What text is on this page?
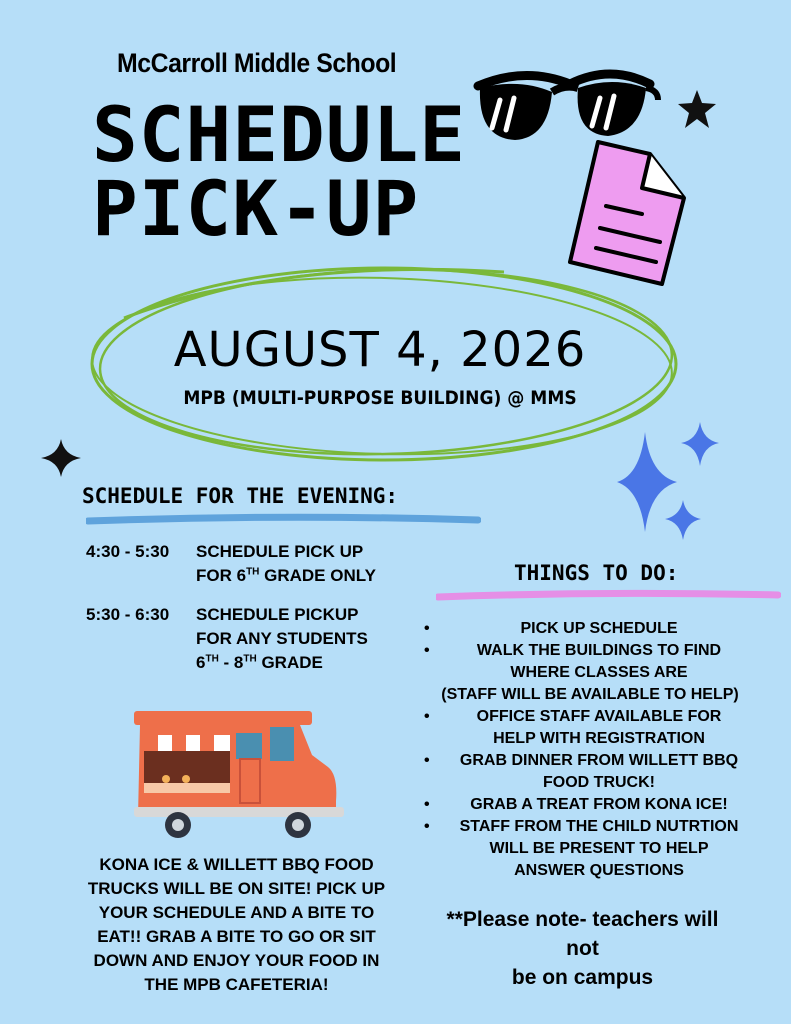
McCarroll Middle School
SCHEDULE
PICK-UP
AUGUST 4, 2026
MPB (MULTI-PURPOSE BUILDING) @ MMS
SCHEDULE FOR THE EVENING:
4:30 - 5:30 SCHEDULE PICK UP
FOR 6TH GRADE ONLY
5:30 - 6:30 SCHEDULE PICKUP
FOR ANY STUDENTS
6TH - 8TH GRADE
THINGS TO DO:
•	PICK UP SCHEDULE
•	WALK THE BUILDINGS TO FIND
WHERE CLASSES ARE
(STAFF WILL BE AVAILABLE TO HELP)
•	OFFICE STAFF AVAILABLE FOR
HELP WITH REGISTRATION
•	GRAB DINNER FROM WILLETT BBQ
FOOD TRUCK!
•	GRAB A TREAT FROM KONA ICE!
•	STAFF FROM THE CHILD NUTRTION
WILL BE PRESENT TO HELP
ANSWER QUESTIONS
KONA ICE & WILLETT BBQ FOOD
TRUCKS WILL BE ON SITE! PICK UP
YOUR SCHEDULE AND A BITE TO
EAT!! GRAB A BITE TO GO OR SIT
DOWN AND ENJOY YOUR FOOD IN
THE MPB CAFETERIA!
**Please note- teachers will not
be on campus
